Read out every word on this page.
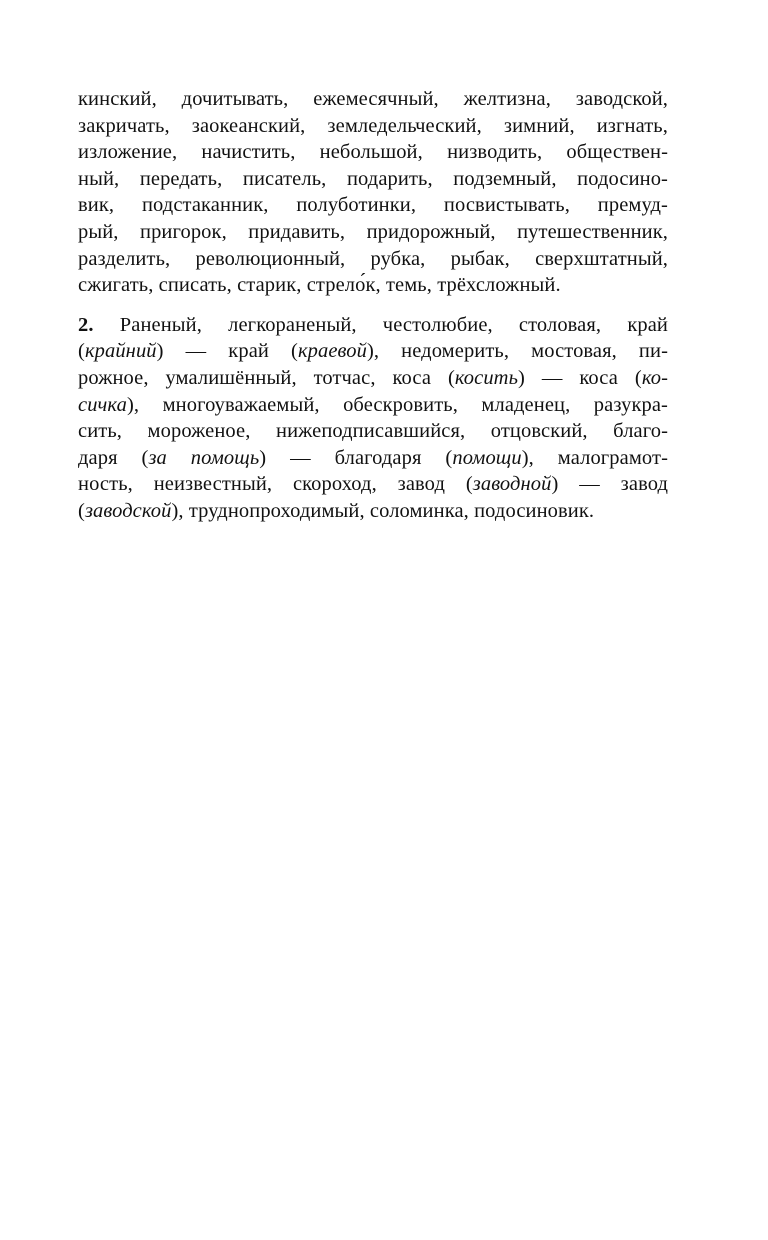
кинский, дочитывать, ежемесячный, желтизна, заводской,
закричать, заокеанский, земледельческий, зимний, изгнать,
изложение, начистить, небольшой, низводить, обществен-
ный, передать, писатель, подарить, подземный, подосино-
вик, подстаканник, полуботинки, посвистывать, премуд-
рый, пригорок, придавить, придорожный, путешественник,
разделить, революционный, рубка, рыбак, сверхштатный,
сжигать, списать, старик, стрело́к, темь, трёхсложный.
2. Раненый, легкораненый, честолюбие, столовая, край
(крайний) — край (краевой), недомерить, мостовая, пи-
рожное, умалишённый, тотчас, коса (косить) — коса (ко-
сичка), многоуважаемый, обескровить, младенец, разукра-
сить, мороженое, нижеподписавшийся, отцовский, благо-
даря (за помощь) — благодаря (помощи), малограмот-
ность, неизвестный, скороход, завод (заводной) — завод
(заводской), труднопроходимый, соломинка, подосиновик.
